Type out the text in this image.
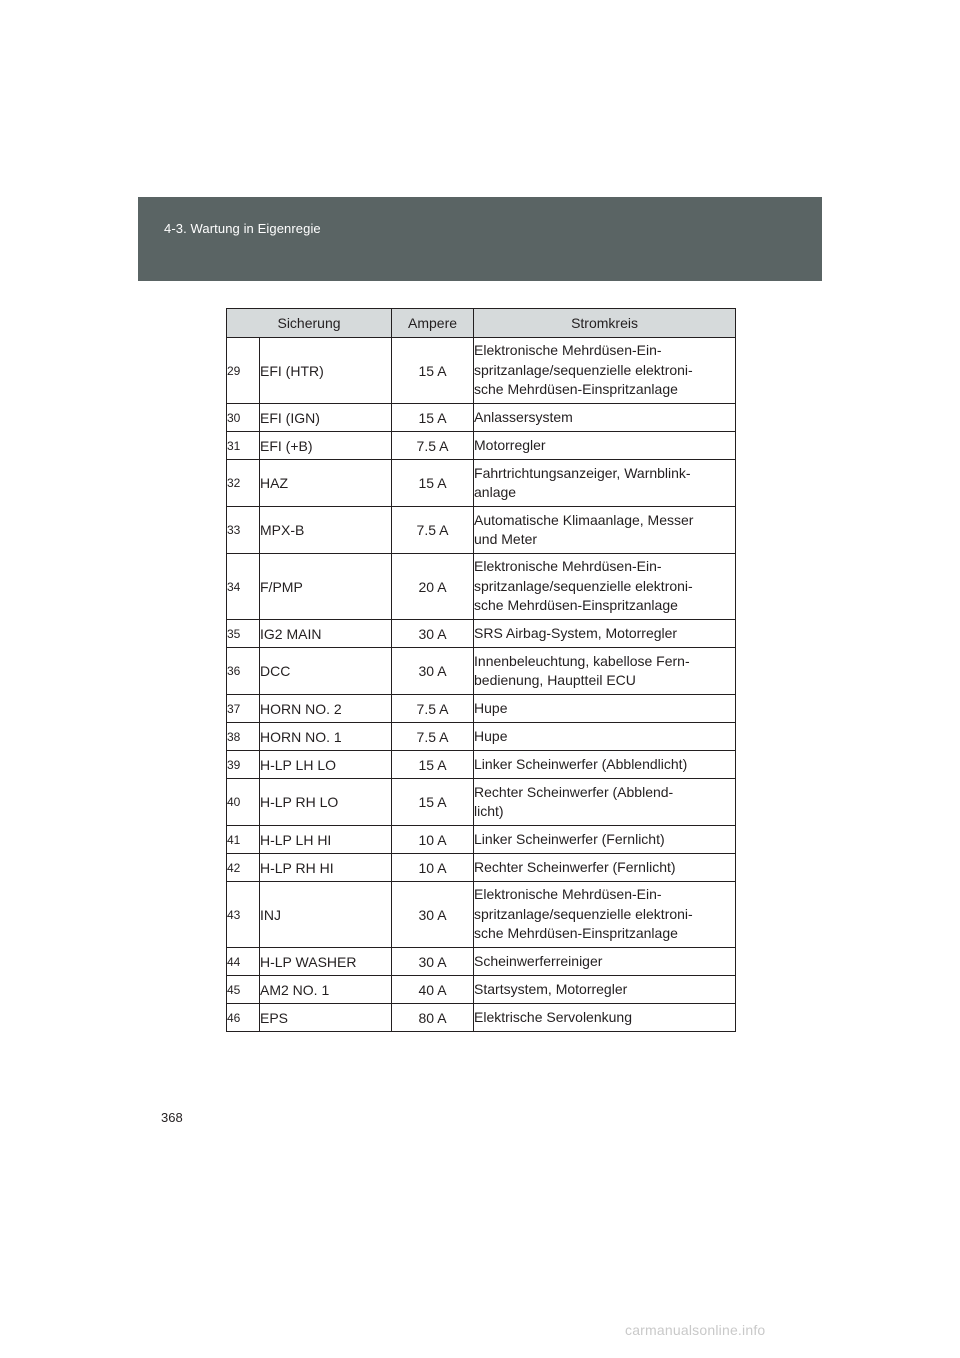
4-3. Wartung in Eigenregie
Sicherung		Ampere	Stromkreis
29	EFI (HTR)	15 A	Elektronische Mehrdüsen-Ein-
spritzanlage/sequenzielle elektroni-
sche Mehrdüsen-Einspritzanlage
30	EFI (IGN)	15 A	Anlassersystem
31	EFI (+B)	7.5 A	Motorregler
32	HAZ	15 A	Fahrtrichtungsanzeiger, Warnblink-
anlage
33	MPX-B	7.5 A	Automatische Klimaanlage, Messer
und Meter
34	F/PMP	20 A	Elektronische Mehrdüsen-Ein-
spritzanlage/sequenzielle elektroni-
sche Mehrdüsen-Einspritzanlage
35	IG2 MAIN	30 A	SRS Airbag-System, Motorregler
36	DCC	30 A	Innenbeleuchtung, kabellose Fern-
bedienung, Hauptteil ECU
37	HORN NO. 2	7.5 A	Hupe
38	HORN NO. 1	7.5 A	Hupe
39	H-LP LH LO	15 A	Linker Scheinwerfer (Abblendlicht)
40	H-LP RH LO	15 A	Rechter Scheinwerfer (Abblend-
licht)
41	H-LP LH HI	10 A	Linker Scheinwerfer (Fernlicht)
42	H-LP RH HI	10 A	Rechter Scheinwerfer (Fernlicht)
43	INJ	30 A	Elektronische Mehrdüsen-Ein-
spritzanlage/sequenzielle elektroni-
sche Mehrdüsen-Einspritzanlage
44	H-LP WASHER	30 A	Scheinwerferreiniger
45	AM2 NO. 1	40 A	Startsystem, Motorregler
46	EPS	80 A	Elektrische Servolenkung
368
carmanualsonline.info
